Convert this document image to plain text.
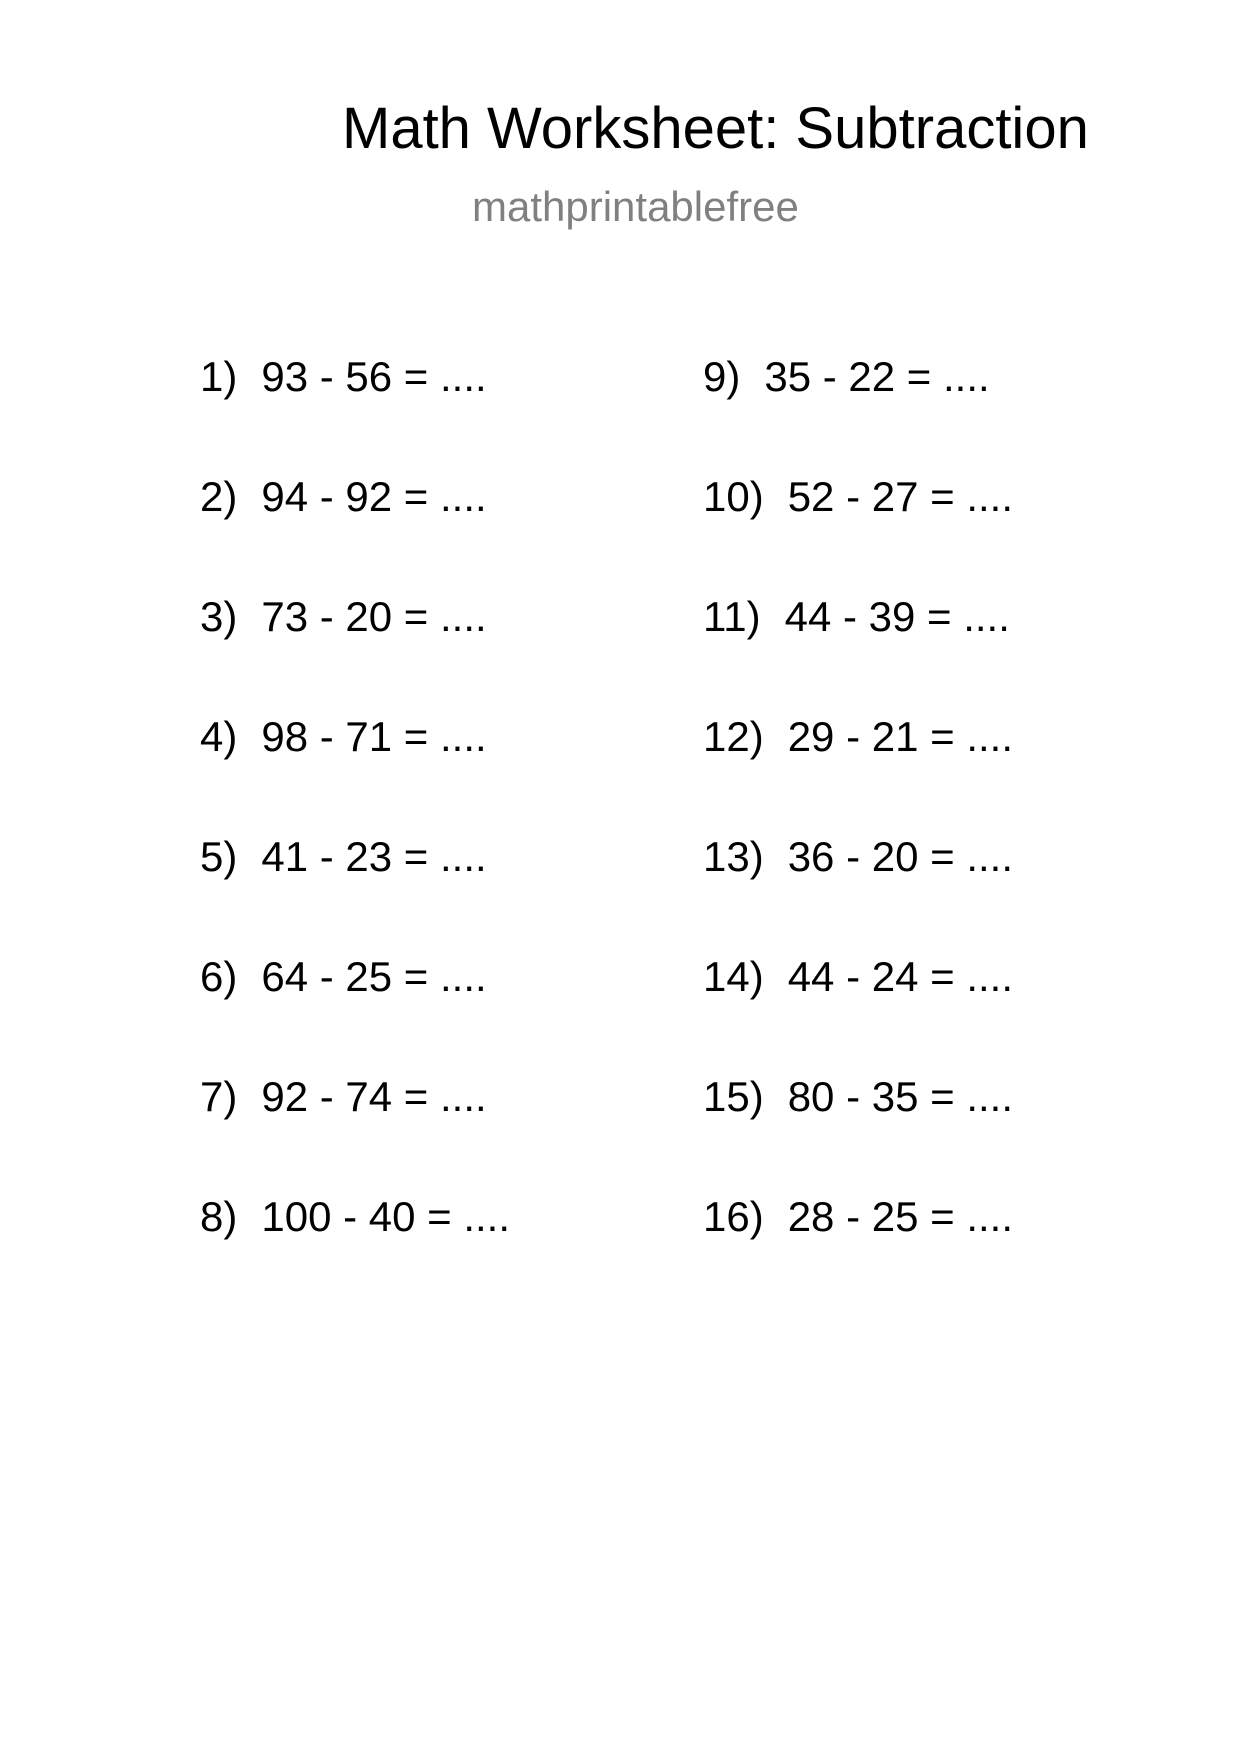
Math Worksheet: Subtraction
mathprintablefree
1) 93 - 56 = ....
2) 94 - 92 = ....
3) 73 - 20 = ....
4) 98 - 71 = ....
5) 41 - 23 = ....
6) 64 - 25 = ....
7) 92 - 74 = ....
8) 100 - 40 = ....
9) 35 - 22 = ....
10) 52 - 27 = ....
11) 44 - 39 = ....
12) 29 - 21 = ....
13) 36 - 20 = ....
14) 44 - 24 = ....
15) 80 - 35 = ....
16) 28 - 25 = ....
